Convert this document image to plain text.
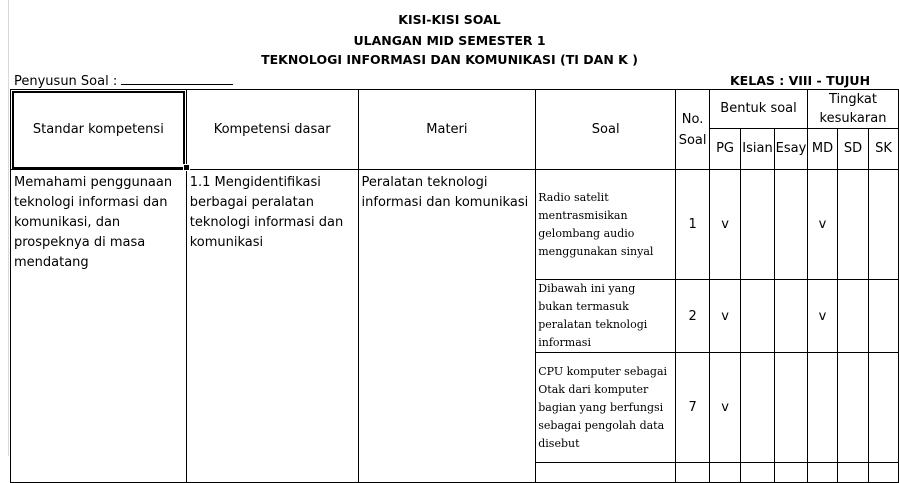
KISI-KISI SOAL
ULANGAN MID SEMESTER 1
TEKNOLOGI INFORMASI DAN KOMUNIKASI (TI DAN K )
Penyusun Soal :	KELAS : VIII - TUJUH
Standar kompetensi	Kompetensi dasar	Materi	Soal	No. Soal	Bentuk soal			Tingkat kesukaran		
					PG	Isian	Esay	MD	SD	SK
Memahami penggunaan teknologi informasi dan komunikasi, dan prospeknya di masa mendatang	1.1 Mengidentifikasi berbagai peralatan teknologi informasi dan komunikasi	Peralatan teknologi informasi dan komunikasi	Radio satelit mentrasmisikan gelombang audio menggunakan sinyal	1	v			v		
			Dibawah ini yang bukan termasuk peralatan teknologi informasi	2	v			v		
			CPU komputer sebagai Otak dari komputer bagian yang berfungsi sebagai pengolah data disebut	7	v					
